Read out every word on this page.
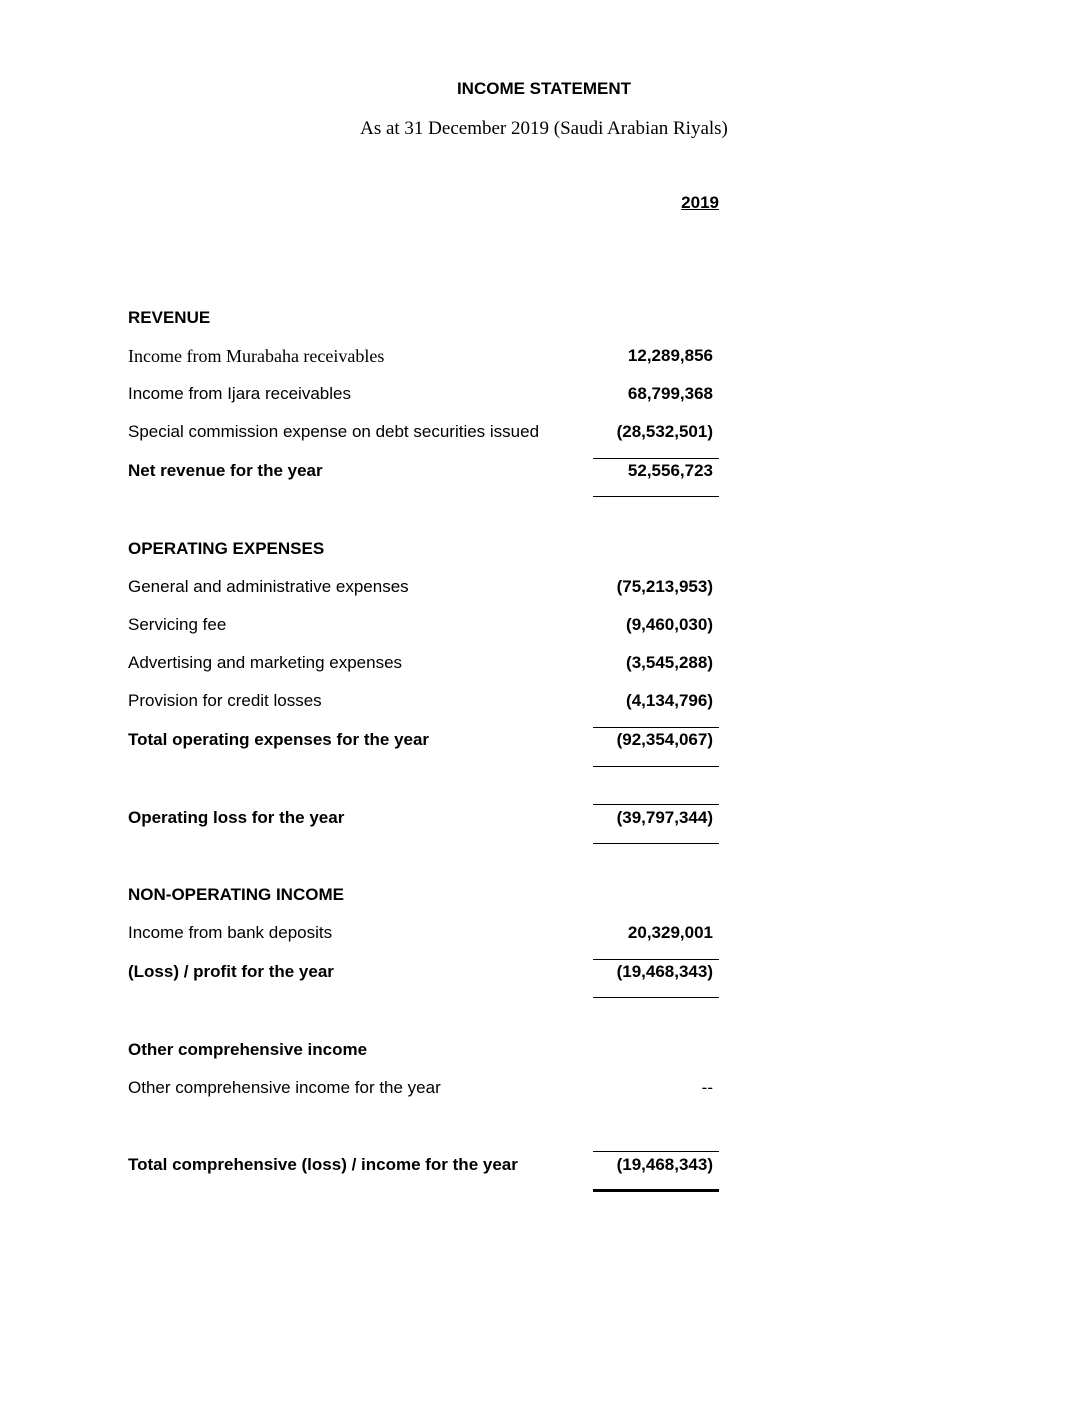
INCOME STATEMENT
As at 31 December 2019 (Saudi Arabian Riyals)
2019
REVENUE
Income from Murabaha receivables	12,289,856
Income from Ijara receivables	68,799,368
Special commission expense on debt securities issued	(28,532,501)
Net revenue for the year	52,556,723
OPERATING EXPENSES
General and administrative expenses	(75,213,953)
Servicing fee	(9,460,030)
Advertising and marketing expenses	(3,545,288)
Provision for credit losses	(4,134,796)
Total operating expenses for the year	(92,354,067)
Operating loss for the year	(39,797,344)
NON-OPERATING INCOME
Income from bank deposits	20,329,001
(Loss) / profit for the year	(19,468,343)
Other comprehensive income
Other comprehensive income for the year	--
Total comprehensive (loss) / income for the year	(19,468,343)
